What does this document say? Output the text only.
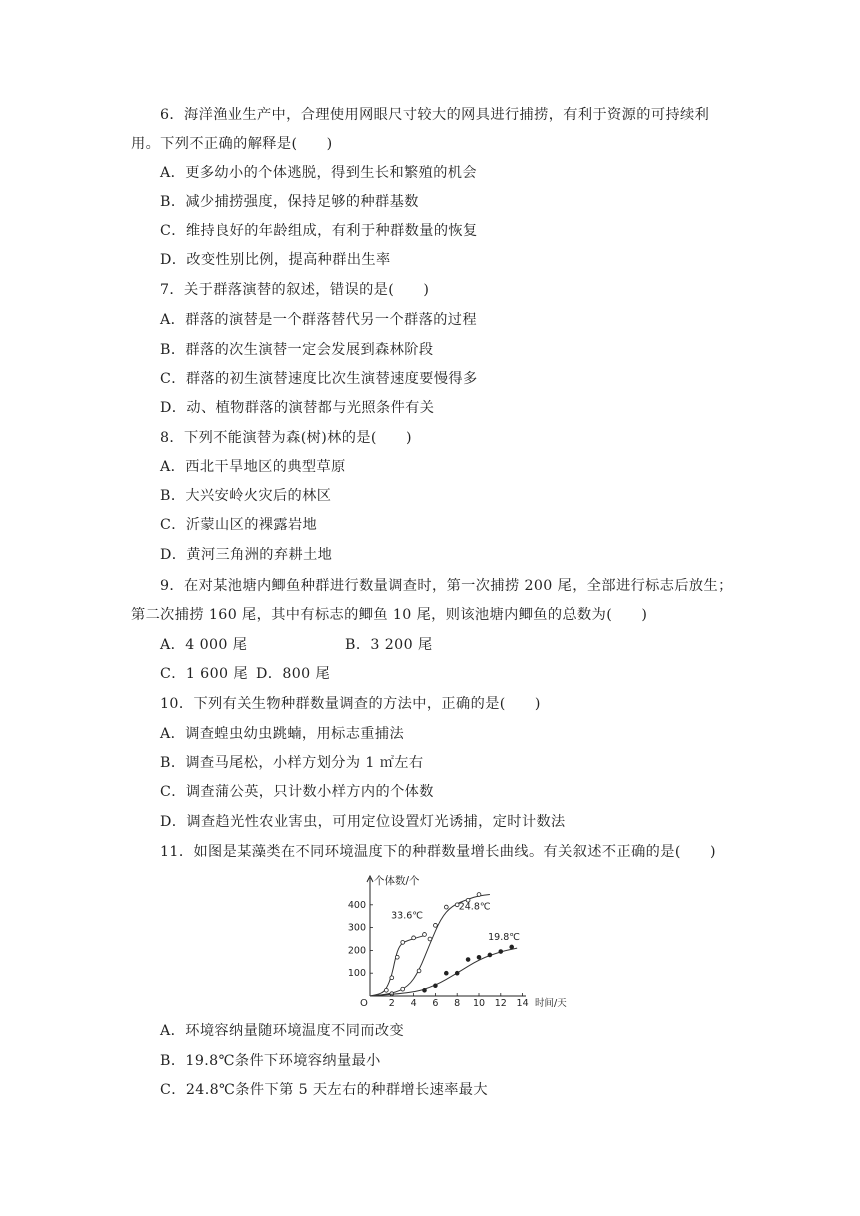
6．海洋渔业生产中，合理使用网眼尺寸较大的网具进行捕捞，有利于资源的可持续利
用。下列不正确的解释是(　　)
A．更多幼小的个体逃脱，得到生长和繁殖的机会
B．减少捕捞强度，保持足够的种群基数
C．维持良好的年龄组成，有利于种群数量的恢复
D．改变性别比例，提高种群出生率
7．关于群落演替的叙述，错误的是(　　)
A．群落的演替是一个群落替代另一个群落的过程
B．群落的次生演替一定会发展到森林阶段
C．群落的初生演替速度比次生演替速度要慢得多
D．动、植物群落的演替都与光照条件有关
8．下列不能演替为森(树)林的是(　　)
A．西北干旱地区的典型草原
B．大兴安岭火灾后的林区
C．沂蒙山区的裸露岩地
D．黄河三角洲的弃耕土地
9．在对某池塘内鲫鱼种群进行数量调查时，第一次捕捞 200 尾，全部进行标志后放生；
第二次捕捞 160 尾，其中有标志的鲫鱼 10 尾，则该池塘内鲫鱼的总数为(　　)
A．4 000 尾	B．3 200 尾
C．1 600 尾 D．800 尾
10．下列有关生物种群数量调查的方法中，正确的是(　　)
A．调查蝗虫幼虫跳蝻，用标志重捕法
B．调查马尾松，小样方划分为 1 ㎡左右
C．调查蒲公英，只计数小样方内的个体数
D．调查趋光性农业害虫，可用定位设置灯光诱捕，定时计数法
11．如图是某藻类在不同环境温度下的种群数量增长曲线。有关叙述不正确的是(　　)
个体数/个
时间/天
O 2 4 6 8 10 12 14
100
200
300
400
33.6℃
24.8℃
19.8℃
A．环境容纳量随环境温度不同而改变
B．19.8℃条件下环境容纳量最小
C．24.8℃条件下第 5 天左右的种群增长速率最大
